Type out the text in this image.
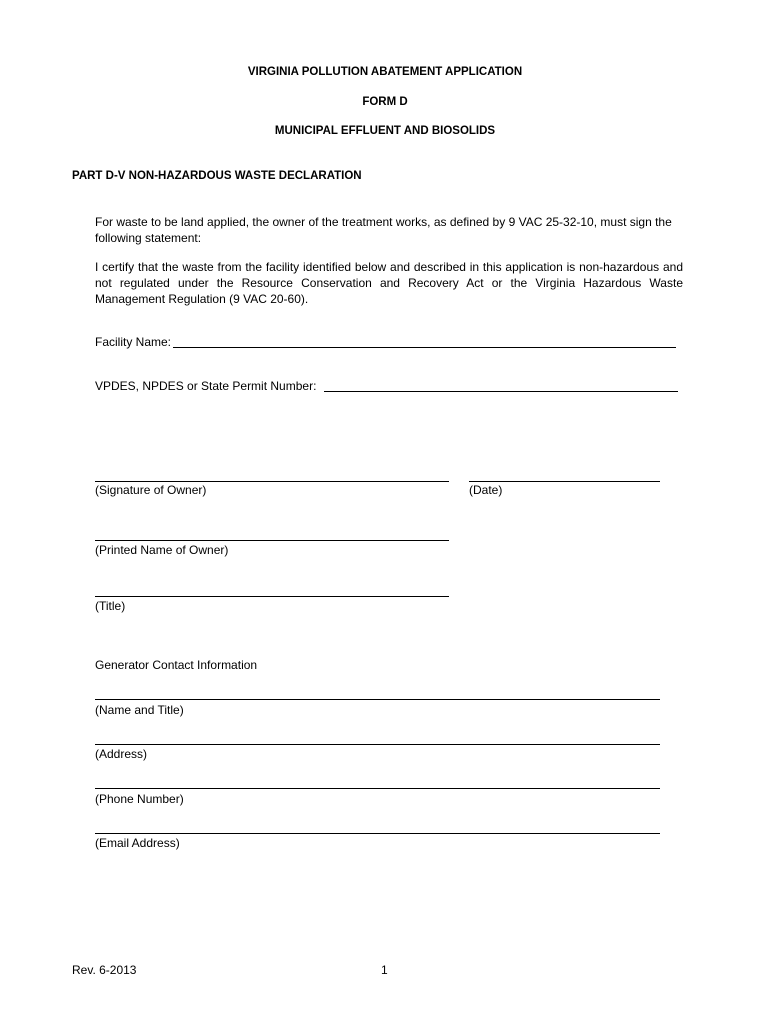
VIRGINIA POLLUTION ABATEMENT APPLICATION
FORM D
MUNICIPAL EFFLUENT AND BIOSOLIDS
PART D-V NON-HAZARDOUS WASTE DECLARATION
For waste to be land applied, the owner of the treatment works, as defined by 9 VAC 25-32-10, must sign the following statement:
I certify that the waste from the facility identified below and described in this application is non-hazardous and not regulated under the Resource Conservation and Recovery Act or the Virginia Hazardous Waste Management Regulation (9 VAC 20-60).
Facility Name:
VPDES, NPDES or State Permit Number:
(Signature of Owner)	(Date)
(Printed Name of Owner)
(Title)
Generator Contact Information
(Name and Title)
(Address)
(Phone Number)
(Email Address)
Rev. 6-2013	1
